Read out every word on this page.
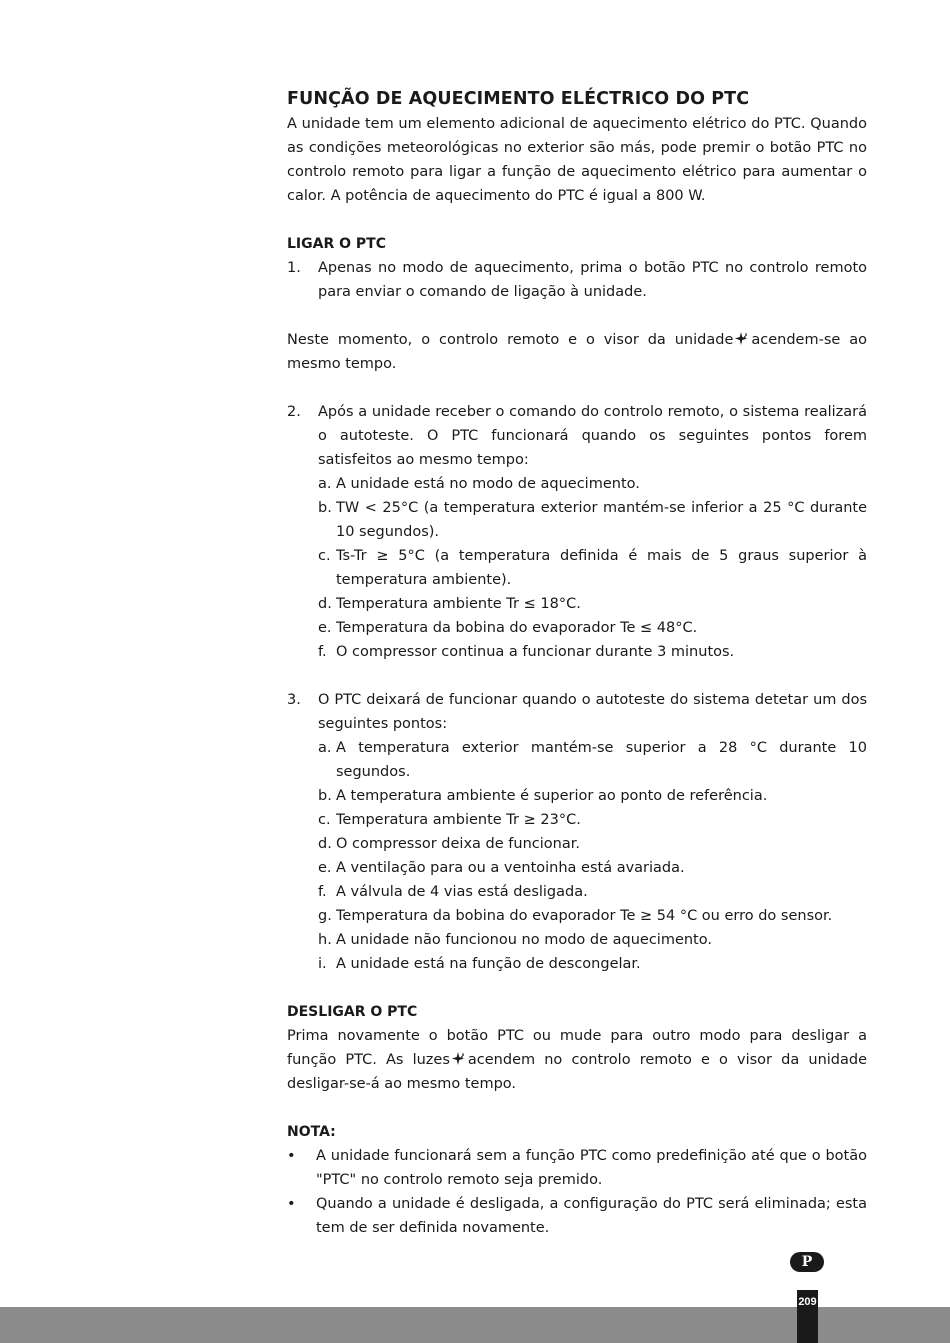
FUNÇÃO DE AQUECIMENTO ELÉCTRICO DO PTC

A unidade tem um elemento adicional de aquecimento elétrico do PTC. Quando as condições meteorológicas no exterior são más, pode premir o botão PTC no controlo remoto para ligar a função de aquecimento elétrico para aumentar o calor. A potência de aquecimento do PTC é igual a 800 W.

LIGAR O PTC

1.	Apenas no modo de aquecimento, prima o botão PTC no controlo remoto para enviar o comando de ligação à unidade.

Neste momento, o controlo remoto e o visor da unidade acendem-se ao mesmo tempo.

2.	Após a unidade receber o comando do controlo remoto, o sistema realizará o autoteste. O PTC funcionará quando os seguintes pontos forem satisfeitos ao mesmo tempo:
a. A unidade está no modo de aquecimento.
b. TW < 25°C (a temperatura exterior mantém-se inferior a 25 °C durante 10 segundos).
c. Ts-Tr ≥ 5°C (a temperatura definida é mais de 5 graus superior à temperatura ambiente).
d. Temperatura ambiente Tr ≤ 18°C.
e. Temperatura da bobina do evaporador Te ≤ 48°C.
f. O compressor continua a funcionar durante 3 minutos.
3.	O PTC deixará de funcionar quando o autoteste do sistema detetar um dos seguintes pontos:
a. A temperatura exterior mantém-se superior a 28 °C durante 10 segundos.
b. A temperatura ambiente é superior ao ponto de referência.
c. Temperatura ambiente Tr ≥ 23°C.
d. O compressor deixa de funcionar.
e. A ventilação para ou a ventoinha está avariada.
f. A válvula de 4 vias está desligada.
g. Temperatura da bobina do evaporador Te ≥ 54 °C ou erro do sensor.
h. A unidade não funcionou no modo de aquecimento.
i. A unidade está na função de descongelar.

DESLIGAR O PTC

Prima novamente o botão PTC ou mude para outro modo para desligar a função PTC. As luzes acendem no controlo remoto e o visor da unidade desligar-se-á ao mesmo tempo.

NOTA:

•	A unidade funcionará sem a função PTC como predefinição até que o botão "PTC" no controlo remoto seja premido.
•	Quando a unidade é desligada, a configuração do PTC será eliminada; esta tem de ser definida novamente.
P
209
